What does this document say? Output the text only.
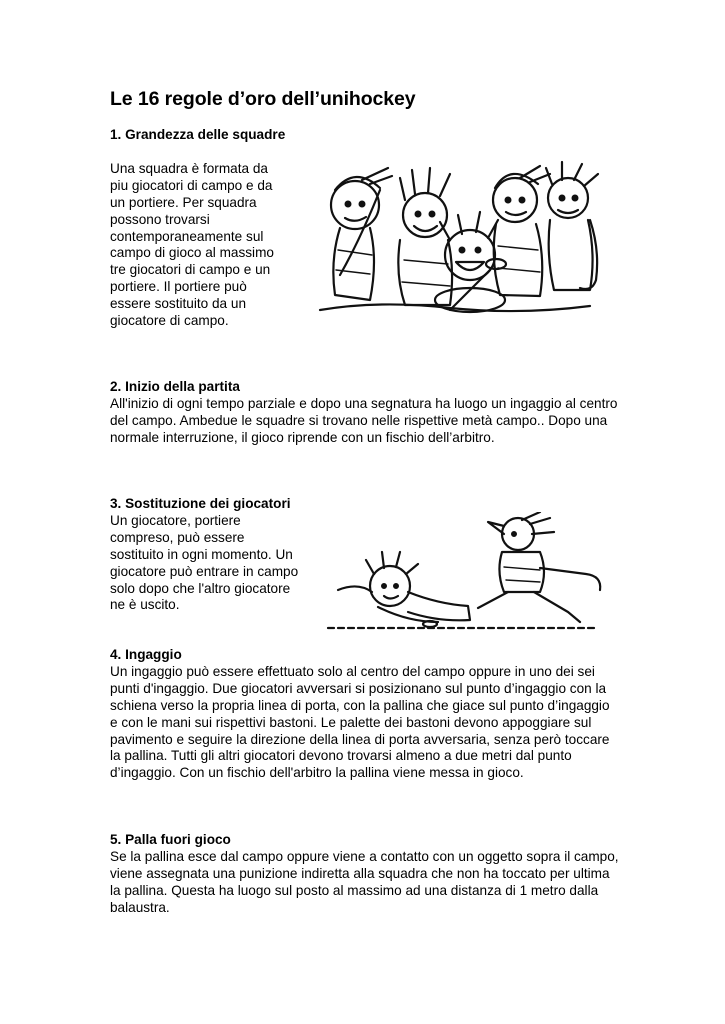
Le 16 regole d’oro dell’unihockey
1. Grandezza delle squadre

Una squadra è formata da piu giocatori di campo e da un portiere. Per squadra possono trovarsi contemporaneamente sul campo di gioco al massimo tre giocatori di campo e un portiere. Il portiere può essere sostituito da un giocatore di campo.

2. Inizio della partita

All'inizio di ogni tempo parziale e dopo una segnatura ha luogo un ingaggio al centro del campo. Ambedue le squadre si trovano nelle rispettive metà campo.. Dopo una normale interruzione, il gioco riprende con un fischio dell’arbitro.

3. Sostituzione dei giocatori

Un giocatore, portiere compreso, può essere sostituito in ogni momento. Un giocatore può entrare in campo solo dopo che l'altro giocatore ne è uscito.

4. Ingaggio

Un ingaggio può essere effettuato solo al centro del campo oppure in uno dei sei punti d'ingaggio. Due giocatori avversari si posizionano sul punto d’ingaggio con la schiena verso la propria linea di porta, con la pallina che giace sul punto d’ingaggio e con le mani sui rispettivi bastoni. Le palette dei bastoni devono appoggiare sul pavimento e seguire la direzione della linea di porta avversaria, senza però toccare la pallina. Tutti gli altri giocatori devono trovarsi almeno a due metri dal punto d’ingaggio. Con un fischio dell'arbitro la pallina viene messa in gioco.

5. Palla fuori gioco

Se la pallina esce dal campo oppure viene a contatto con un oggetto sopra il campo, viene assegnata una punizione indiretta alla squadra che non ha toccato per ultima la pallina. Questa ha luogo sul posto al massimo ad una distanza di 1 metro dalla balaustra.
